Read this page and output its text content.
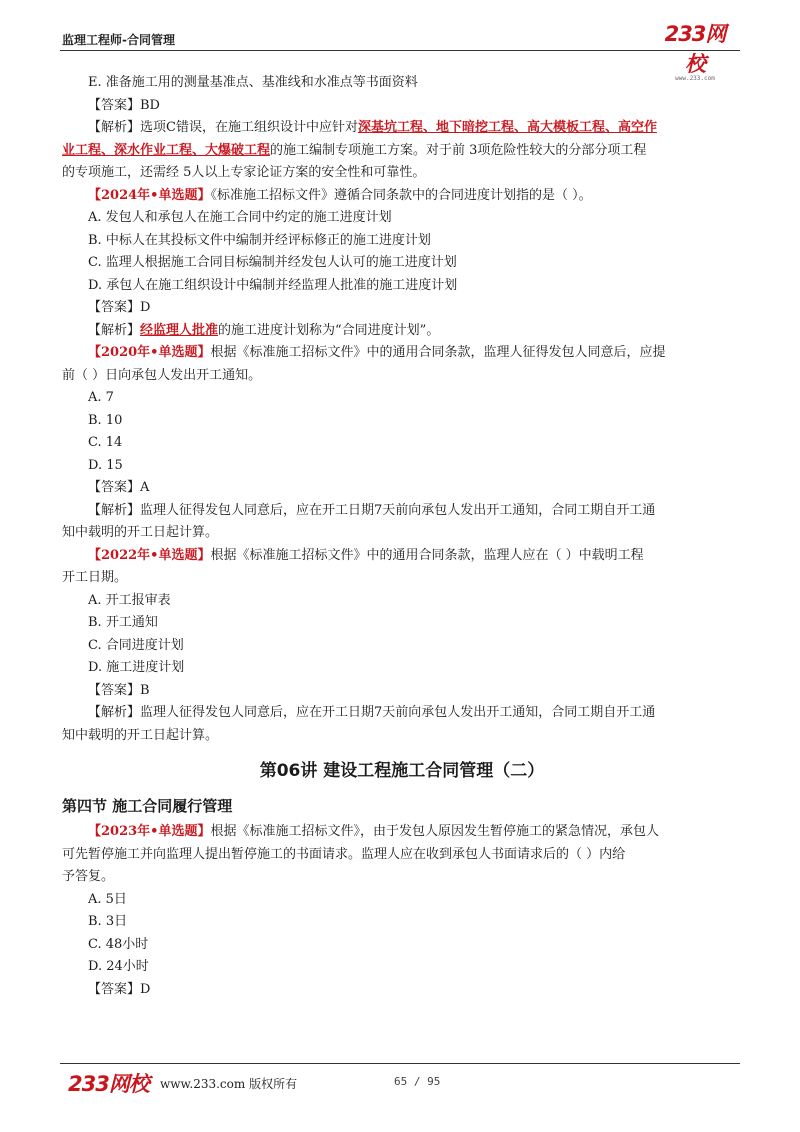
监理工程师-合同管理	233网校
www.233.com
E. 准备施工用的测量基准点、基准线和水准点等书面资料
【答案】BD
【解析】选项C错误，在施工组织设计中应针对深基坑工程、地下暗挖工程、高大模板工程、高空作
业工程、深水作业工程、大爆破工程的施工编制专项施工方案。对于前 3项危险性较大的分部分项工程
的专项施工，还需经 5人以上专家论证方案的安全性和可靠性。
【2024年•单选题】《标准施工招标文件》遵循合同条款中的合同进度计划指的是（ ）。
A. 发包人和承包人在施工合同中约定的施工进度计划
B. 中标人在其投标文件中编制并经评标修正的施工进度计划
C. 监理人根据施工合同目标编制并经发包人认可的施工进度计划
D. 承包人在施工组织设计中编制并经监理人批准的施工进度计划
【答案】D
【解析】经监理人批准的施工进度计划称为“合同进度计划”。
【2020年•单选题】根据《标准施工招标文件》中的通用合同条款，监理人征得发包人同意后，应提
前（ ）日向承包人发出开工通知。
A. 7
B. 10
C. 14
D. 15
【答案】A
【解析】监理人征得发包人同意后，应在开工日期7天前向承包人发出开工通知，合同工期自开工通
知中载明的开工日起计算。
【2022年•单选题】根据《标准施工招标文件》中的通用合同条款，监理人应在（ ）中载明工程
开工日期。
A. 开工报审表
B. 开工通知
C. 合同进度计划
D. 施工进度计划
【答案】B
【解析】监理人征得发包人同意后，应在开工日期7天前向承包人发出开工通知，合同工期自开工通
知中载明的开工日起计算。
第06讲 建设工程施工合同管理（二）
第四节 施工合同履行管理
【2023年•单选题】根据《标准施工招标文件》，由于发包人原因发生暂停施工的紧急情况，承包人
可先暂停施工并向监理人提出暂停施工的书面请求。监理人应在收到承包人书面请求后的（ ）内给
予答复。
A. 5日
B. 3日
C. 48小时
D. 24小时
【答案】D
233网校 www.233.com 版权所有	65 / 95
